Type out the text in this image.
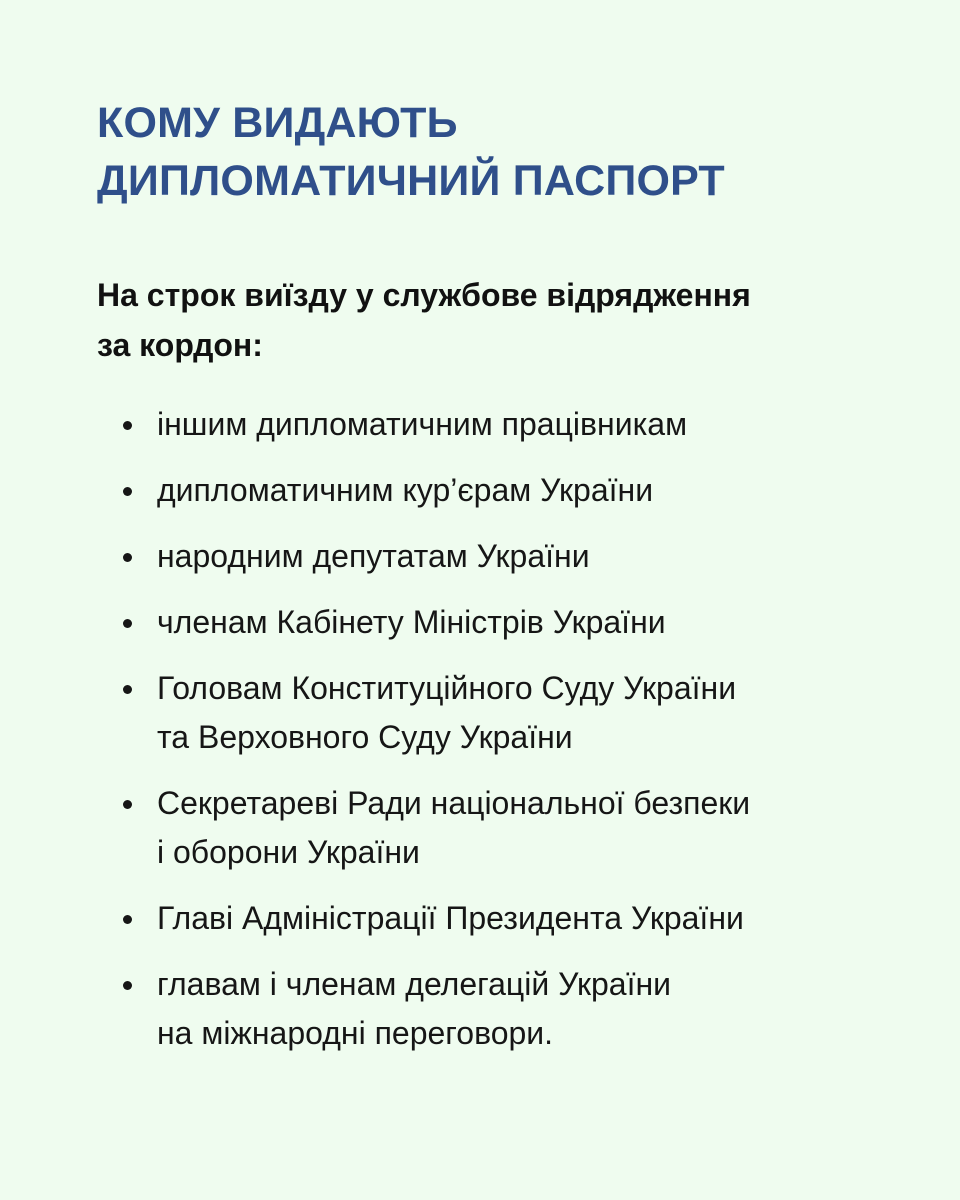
КОМУ ВИДАЮТЬ
ДИПЛОМАТИЧНИЙ ПАСПОРТ

На строк виїзду у службове відрядження
за кордон:

іншим дипломатичним працівникам
дипломатичним кур’єрам України
народним депутатам України
членам Кабінету Міністрів України
Головам Конституційного Суду України
та Верховного Суду України
Секретареві Ради національної безпеки
і оборони України
Главі Адміністрації Президента України
главам і членам делегацій України
на міжнародні переговори.
